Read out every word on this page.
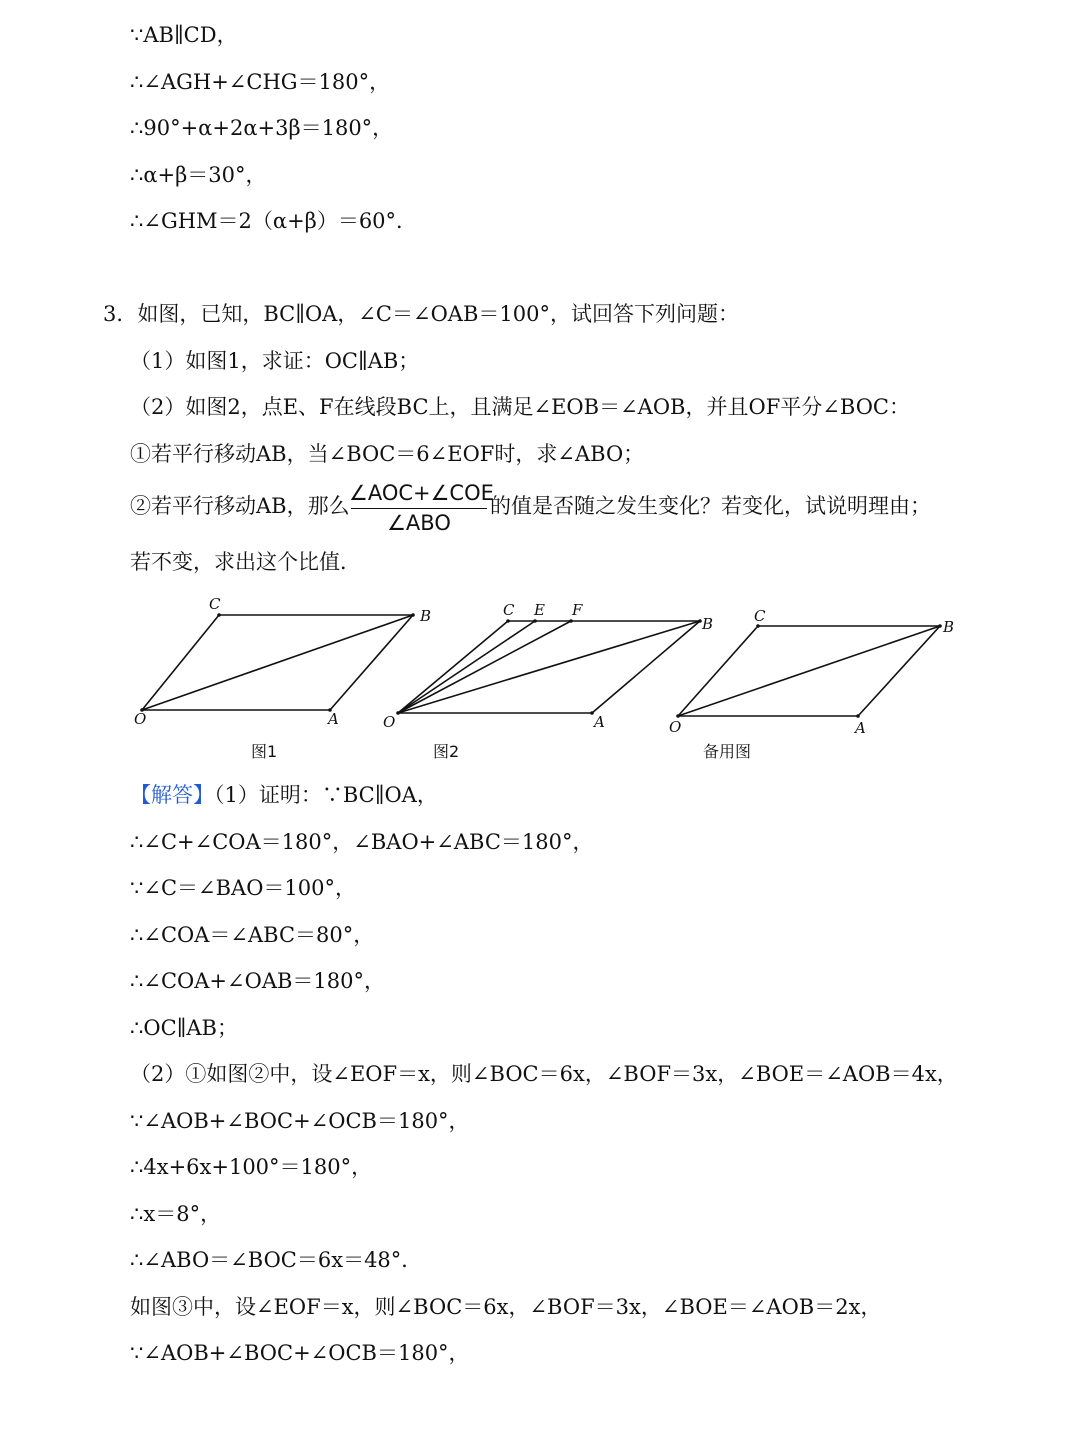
∵AB∥CD，
∴∠AGH+∠CHG＝180°，
∴90°+α+2α+3β＝180°，
∴α+β＝30°，
∴∠GHM＝2（α+β）＝60°．
3．如图，已知，BC∥OA，∠C＝∠OAB＝100°，试回答下列问题：
（1）如图1，求证：OC∥AB；
（2）如图2，点E、F在线段BC上，且满足∠EOB＝∠AOB，并且OF平分∠BOC：
①若平行移动AB，当∠BOC＝6∠EOF时，求∠ABO；
②若平行移动AB，那么
∠AOC+∠COE
∠ABO
的值是否随之发生变化？若变化，试说明理由；
若不变，求出这个比值．
C
B
O	A
图1
C E F
B
O	A
图2
C
B
O	A
备用图
【解答】（1）证明：∵BC∥OA，
∴∠C+∠COA＝180°，∠BAO+∠ABC＝180°，
∵∠C＝∠BAO＝100°，
∴∠COA＝∠ABC＝80°，
∴∠COA+∠OAB＝180°，
∴OC∥AB；
（2）①如图②中，设∠EOF＝x，则∠BOC＝6x，∠BOF＝3x，∠BOE＝∠AOB＝4x，
∵∠AOB+∠BOC+∠OCB＝180°，
∴4x+6x+100°＝180°，
∴x＝8°，
∴∠ABO＝∠BOC＝6x＝48°．
如图③中，设∠EOF＝x，则∠BOC＝6x，∠BOF＝3x，∠BOE＝∠AOB＝2x，
∵∠AOB+∠BOC+∠OCB＝180°，
